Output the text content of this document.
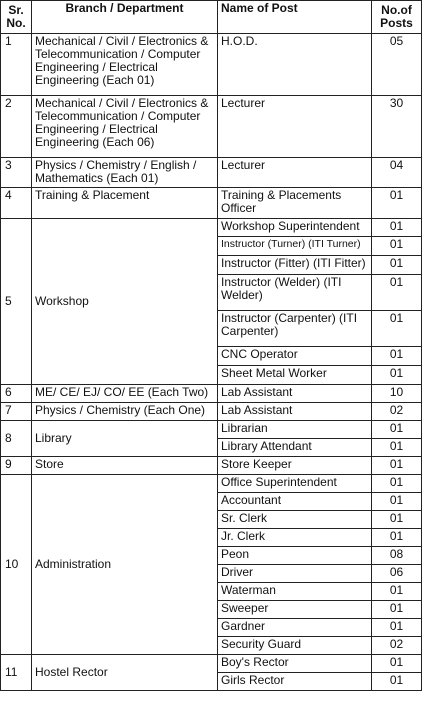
Sr. No.	Branch / Department	Name of Post	No.of Posts
1	Mechanical / Civil / Electronics & Telecommunication / Computer Engineering / Electrical Engineering (Each 01)	H.O.D.	05
2	Mechanical / Civil / Electronics & Telecommunication / Computer Engineering / Electrical Engineering (Each 06)	Lecturer	30
3	Physics / Chemistry / English / Mathematics (Each 01)	Lecturer	04
4	Training & Placement	Training & Placements Officer	01
5	Workshop	Workshop Superintendent	01
		Instructor (Turner) (ITI Turner)	01
		Instructor (Fitter) (ITI Fitter)	01
		Instructor (Welder) (ITI Welder)	01
		Instructor (Carpenter) (ITI Carpenter)	01
		CNC Operator	01
		Sheet Metal Worker	01
6	ME/ CE/ EJ/ CO/ EE (Each Two)	Lab Assistant	10
7	Physics / Chemistry (Each One)	Lab Assistant	02
8	Library	Librarian	01
		Library Attendant	01
9	Store	Store Keeper	01
10	Administration	Office Superintendent	01
		Accountant	01
		Sr. Clerk	01
		Jr. Clerk	01
		Peon	08
		Driver	06
		Waterman	01
		Sweeper	01
		Gardner	01
		Security Guard	02
11	Hostel Rector	Boy's Rector	01
		Girls Rector	01
